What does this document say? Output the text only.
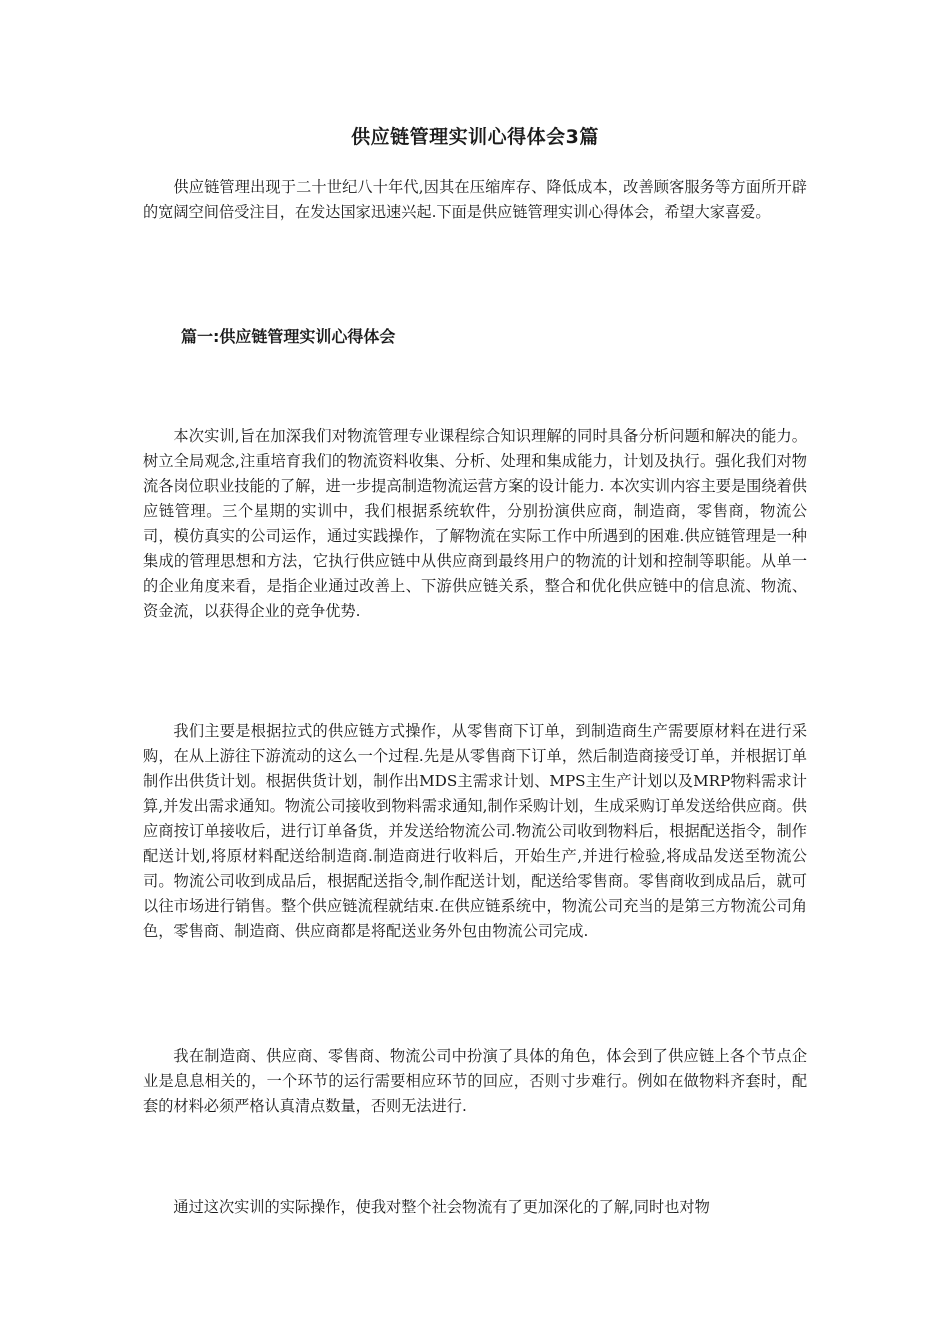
供应链管理实训心得体会3篇

供应链管理出现于二十世纪八十年代,因其在压缩库存、降低成本，改善顾客服务等方面所开辟的宽阔空间倍受注目，在发达国家迅速兴起.下面是供应链管理实训心得体会，希望大家喜爱。

篇一:供应链管理实训心得体会

本次实训,旨在加深我们对物流管理专业课程综合知识理解的同时具备分析问题和解决的能力。树立全局观念,注重培育我们的物流资料收集、分析、处理和集成能力，计划及执行。强化我们对物流各岗位职业技能的了解，进一步提高制造物流运营方案的设计能力. 本次实训内容主要是围绕着供应链管理。三个星期的实训中，我们根据系统软件，分别扮演供应商，制造商，零售商，物流公司，模仿真实的公司运作，通过实践操作，了解物流在实际工作中所遇到的困难.供应链管理是一种集成的管理思想和方法，它执行供应链中从供应商到最终用户的物流的计划和控制等职能。从单一的企业角度来看，是指企业通过改善上、下游供应链关系，整合和优化供应链中的信息流、物流、资金流，以获得企业的竞争优势.

我们主要是根据拉式的供应链方式操作，从零售商下订单，到制造商生产需要原材料在进行采购，在从上游往下游流动的这么一个过程.先是从零售商下订单，然后制造商接受订单，并根据订单制作出供货计划。根据供货计划，制作出MDS主需求计划、MPS主生产计划以及MRP物料需求计算,并发出需求通知。物流公司接收到物料需求通知,制作采购计划，生成采购订单发送给供应商。供应商按订单接收后，进行订单备货，并发送给物流公司.物流公司收到物料后，根据配送指令，制作配送计划,将原材料配送给制造商.制造商进行收料后，开始生产,并进行检验,将成品发送至物流公司。物流公司收到成品后，根据配送指令,制作配送计划，配送给零售商。零售商收到成品后，就可以往市场进行销售。整个供应链流程就结束.在供应链系统中，物流公司充当的是第三方物流公司角色，零售商、制造商、供应商都是将配送业务外包由物流公司完成.

我在制造商、供应商、零售商、物流公司中扮演了具体的角色，体会到了供应链上各个节点企业是息息相关的，一个环节的运行需要相应环节的回应，否则寸步难行。例如在做物料齐套时，配套的材料必须严格认真清点数量，否则无法进行.

通过这次实训的实际操作，使我对整个社会物流有了更加深化的了解,同时也对物
